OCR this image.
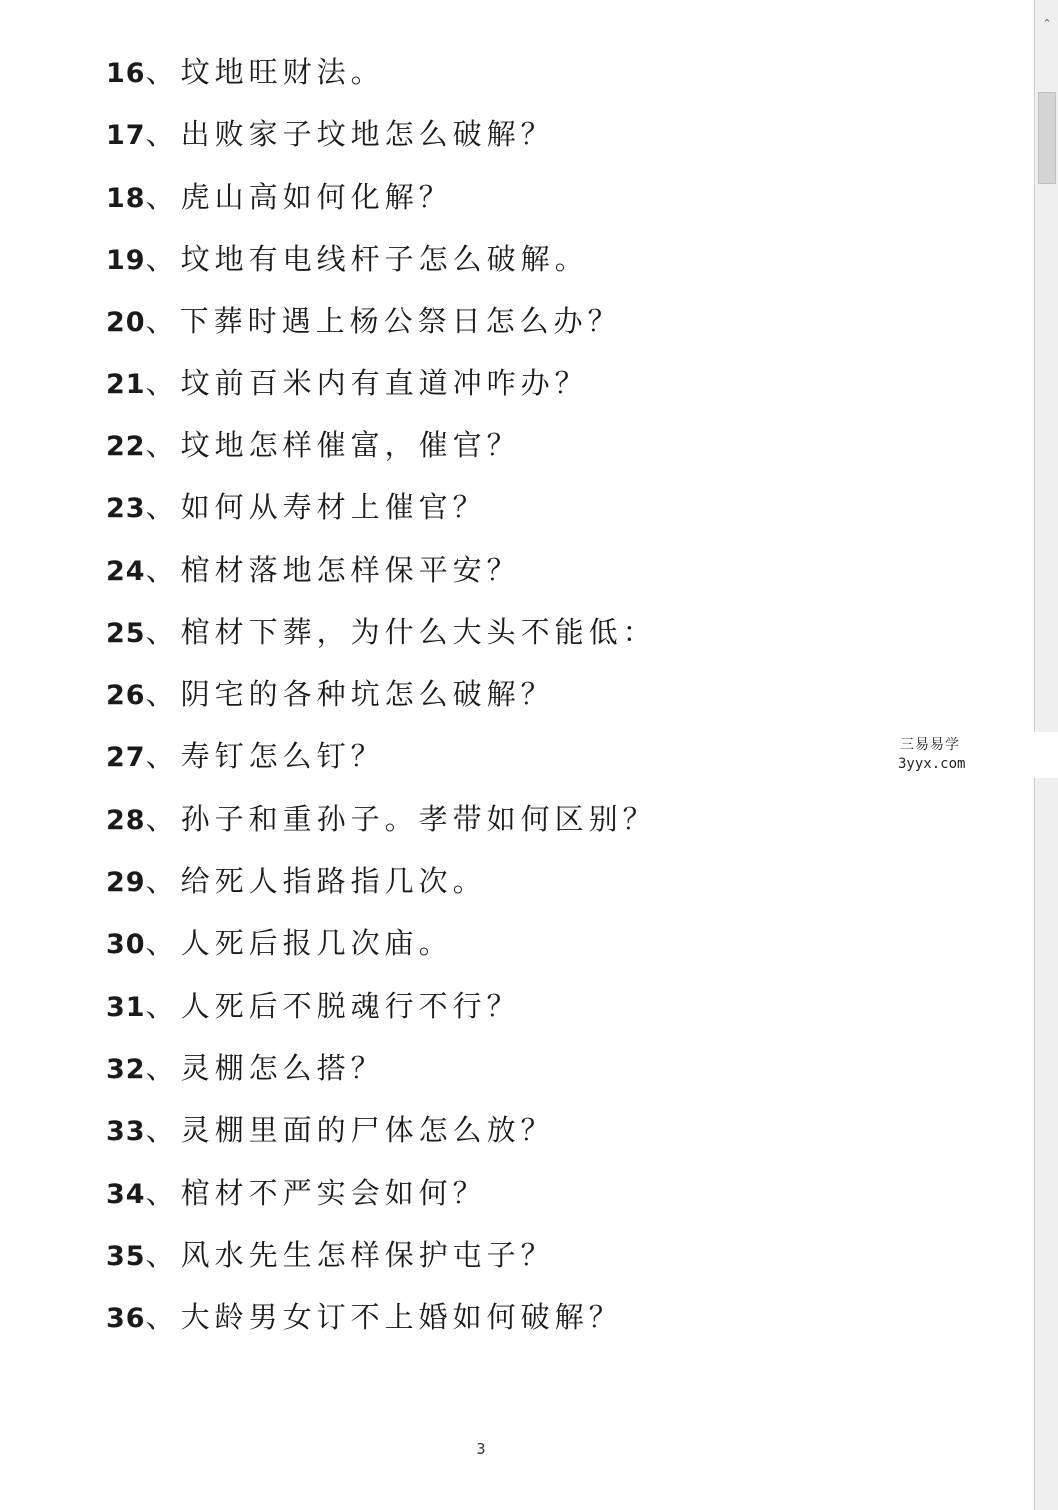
16、坟地旺财法。
17、出败家子坟地怎么破解？
18、虎山高如何化解？
19、坟地有电线杆子怎么破解。
20、下葬时遇上杨公祭日怎么办？
21、坟前百米内有直道冲咋办？
22、坟地怎样催富，催官？
23、如何从寿材上催官？
24、棺材落地怎样保平安？
25、棺材下葬，为什么大头不能低：
26、阴宅的各种坑怎么破解？
27、寿钉怎么钉？
28、孙子和重孙子。孝带如何区别？
29、给死人指路指几次。
30、人死后报几次庙。
31、人死后不脱魂行不行？
32、灵棚怎么搭？
33、灵棚里面的尸体怎么放？
34、棺材不严实会如何？
35、风水先生怎样保护屯子？
36、大龄男女订不上婚如何破解？
3
⌃
三易易学
3yyx.com
